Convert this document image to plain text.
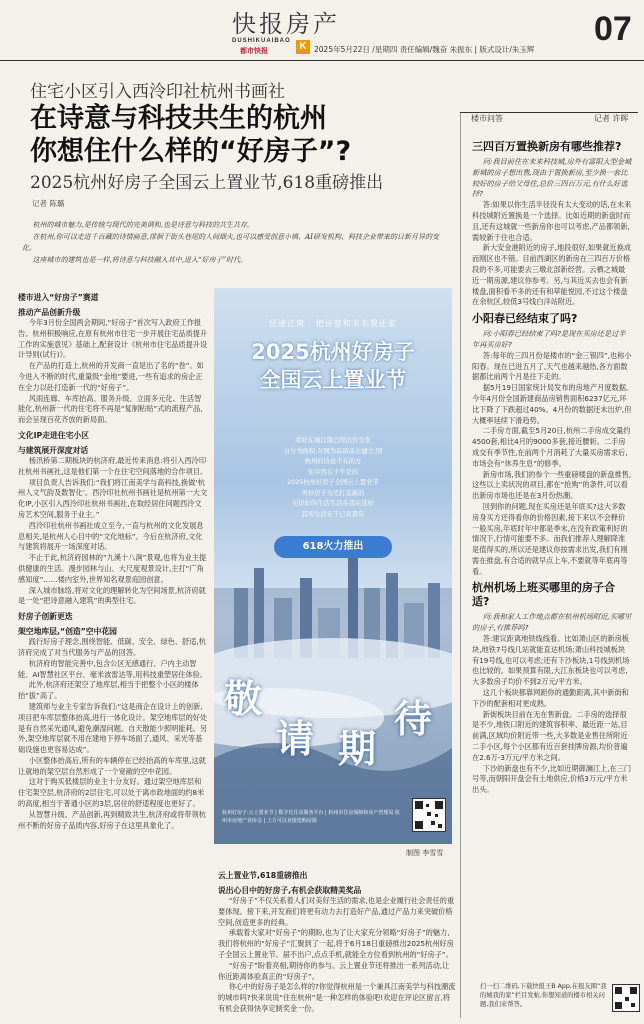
快报房产
DUSHIKUAIBAO
都市快报	K 2025年5月22日 /星期四 责任编辑/魏奋 朱振东 | 版式设计/朱玉辉
07
住宅小区引入西泠印社杭州书画社
在诗意与科技共生的杭州
你想住什么样的“好房子”?
2025杭州好房子全国云上置业节,618重磅推出
记者 陈璐

杭州的城市魅力,是传统与现代的完美调和,也是诗意与科技的共生共存。

在杭州,你可以走进千百藏的诗情画意,徘徊于街头巷尾的人间烟火,也可以感受创意小镇、AI研发机构、科技企业带来的日新月异的变化。

这座城市的建筑也是一样,将诗意与科技融入其中,进入“好房子”时代。

楼市进入“好房子”赛道
推动产品创新升级

今年3月份全国两会期间,“好房子”首次写入政府工作报告。杭州积极响应,在原有杭州市住宅一步开展住宅品质提升工作的实施意见》基础上,配套设计《杭州市住宅品质提升设计导则(试行)》。

在产品的打造上,杭州的开发商一直是出了名的“卷”。如今进入不断的时代,重量级“金地”要进,一些有追求的房企正在全力以赴打造新一代的“好房子”。

风雨连廊、车库抬高、服务升级、立面多元化、生活智能化,杭州新一代的住宅将不再是“复制粘贴”式的流程产品,而会呈现百花齐放的新局面。

文化IP走进住宅小区
与建筑展开深度对话

杨汛桥第二期板块的杭济府,最近传来消息:将引入西泠印社杭州书画社,这是他们第一个在住宅空间落地的合作项目。

项目负责人告诉我们:“我们将江南美学与高科技,换做‘杭州人文气韵及数智化’。西泠印社杭州书画社是杭州第一大文化IP,小区引入西泠印社杭州书画社,在取经居住问题西泠文房艺术空间,服务于业主。”

西泠印社杭州书画社成立至今,一直与杭州的文化发展息息相关,是杭州人心目中的“文化地标”。今后在杭济府,文化与建筑将展开一场深度对话。

不止于此,杭济府园林的“九溪十八涧”景观,也将为业主提供健康的生活。漫步园林与山、大尺度观景设计,主打“广角感知度”……楼内室外,世界知名观景庭园创意。

深入城市脉络,将对文化的理解转化为空间场景,杭济府就是一处“把诗意融入建筑”的典型住宅。

好房子创新更迭
架空地库层,“创造”空中花园

践行好房子理念,围绕智能、低碳、安全、绿色、舒适,杭济府完成了对当代服务与产品的回答。

杭济府的智能完善中,包含公区无感通行、户内主动智能、AI智慧社区平台、毫米波雷达等,用科技重塑居住体验。

此外,杭济府还架空了地库层,相当于把整个小区的楼体抬“拔”高了。

建筑师与业主专家告诉我们:“这是商企在设计上的创新,项目把车库层整体抬高,进行一体化设计。架空地库层的好处是有自然采光通风,避免潮湿问题。自天散能少照明能耗。另外,架空地库层就不用在建地下停车场面了,通风、采光等基础设施也更容易达成”。

小区整体抬高后,所有的车辆停在已经抬高的车库里,这就让就地的架空层自然形成了一个宽敞的空中花园。

这对于购买低楼层的业主十分友好。通过架空地库层和住宅架空层,杭济府的2层住宅,可以处于离市政地面的约8米的高度,相当于普通小区的3层,居住的舒适程度也更好了。

从智慧升级、产品创新,再到精致共生,杭济府或将带领杭州不断的好房子品质内容,好房子在这里具象化了。

住进江南 · 把诗意和未来我还家
2025杭州好房子
全国云上置业节
看好在城江南已经出台全发
自分为面积,在国为品质品会建立,国
杭州的诗意不在的方
住存然在于不是的
2025杭州好房子全国云上置业节
世好房子为宅打选新的
见识好的生活生活在我在选好
其实生活在于已在我年
618火力推出
敬
请 期
待
杭州好房子·云上置业节 | 数字化住房服务平台 | 杭州市住房保障和房产管理局 杭州市房地产业协会 | 上方可以直接选购房源
制图 李雪雪
云上置业节,618重磅推出
说出心目中的好房子,有机会获取精美奖品

“好房子”不仅关系着人们对美好生活的需求,也是企业履行社会责任的重要体现。接下来,开发商们将更有动力去打造好产品,通过产品力来突破价格空间,创造更多的经典。

承载着大家对“好房子”的期盼,也为了让大家充分领略“好房子”的魅力,我们将杭州的“好房子”汇聚到了一起,将于6月18日重磅推出2025杭州好房子全国云上置业节。届不出户,点点手机,就能全方位看到杭州的“好房子”。

“好房子”盼着亮相,期待你的参与。云上置业节还将推出一系列活动,让你近距离体验真正的“好房子”。

你心中的好房子是怎么样的?你觉得杭州是一个兼具江南美学与科技潮流的城市吗?快来说说“住在杭州”是一种怎样的体验吧!欢迎在评论区留言,将有机会获得快享定制奖金一份。

楼市问答	记者 许晖
三四百万置换新房有哪些推荐?

问:我目前住在未来科技城,房外有富阳大型金城新城的房子想出售,现由于置换新房,至少换一套比较好的房子给父母住,总价三四百万元,有什么好选择?

答:如果以你生活半径没有太大变动的话,在未来科技城附近置换是一个选择。比如近期的新盘时而且,还有这城就一些新房你也可以考虑,产品都领新,需较新于住也合适。

新大安金港附近的房子,地段很好,如果就近换成而刚区也不错。目前西湖区的新房在三四百万价格段的不多,可能要去三墩北部新经营。云栖之城最近一期房源,建议你参考。另,与其近买去也会有新楼盘,面积看不多的还有和萃能悦园,不过这个楼盘在余杭区,较低3号线白洋站附近。

小阳春已经结束了吗?

问:小阳春已经结束了吗?是现在买房还是过半年再买房好?

答:每年的三四月份是楼市的“金三银四”,也称小阳春。现在已进五月了,天气也越来越热,各方面数据都比前两个月是往下走的。

据5月19日国家统计局发布的房地产月度数据,今年4月份全国新建商品房销售面积6237亿元,环比下降了下跌超过40%。4月份的数据还未出炉,但大概率延续下滑趋势。

二手房方面,截至5月20日,杭州二手房成交量约4500套,相比4月的9000多套,接近腰斩。二手房成交有季节性,在前两个月消耗了大量买房需求后,市场会有“休养生息”的修季。

新房市场,我们的参个一些重磅楼盘的新盘推售,这些以上卖状况的项目,都在“抢购”的条件,可以看出新房市场也还是在3月份热潮。

回到你的问题,现在买房还是年底买?这大多数房身买方还得看你的价格因素,接下来以不会释价一般买房,年底时年中都是季末,在没有政策利好的情况下,行情可能要不多。而我们推荐人理解降准是值得买的,所以还是建议你按需求出发,我们有刚需在推盘,有合适的就早点上车,不要就等年底再等看。

杭州机场上班买哪里的房子合适?

问:我和家人工作地点都在杭州机场附近,买哪里的房子,有推荐吗?

答:建议距离地铁线线看。比如萧山区的新房板块,地铁7号线几站就能直达机场;萧山科技城板块有19号线,也可以考虑;还有下沙板块,1号线到机场也比较的。如果预算有限,大江东板块也可以考虑,大多数房子均价不到2万元/平方米。

这几个板块都靠网距你的通勤距离,其中新街和下沙的配套相对更成熟。

新街板块目前在无在售新盘。二手房的选择很是不少,地铁口附近的建筑容积率、最近距一站,目前满,区域均价附近带一些,大多数是业售住所附近二手小区,每个小区都有近百套挂牌房源,均价普遍在2.6万-3万元/平方米之间。

下沙的新盘也有不少,比如近期御澜江上,在三门号等,而朝阳开盘会有土地供应,价格3万元/平方米出头。

扫一扫二维码,下载快报王B App,在报友圈“我的城我的家”栏目发帖,你想知道的楼市相关问题,我们来帮答。
